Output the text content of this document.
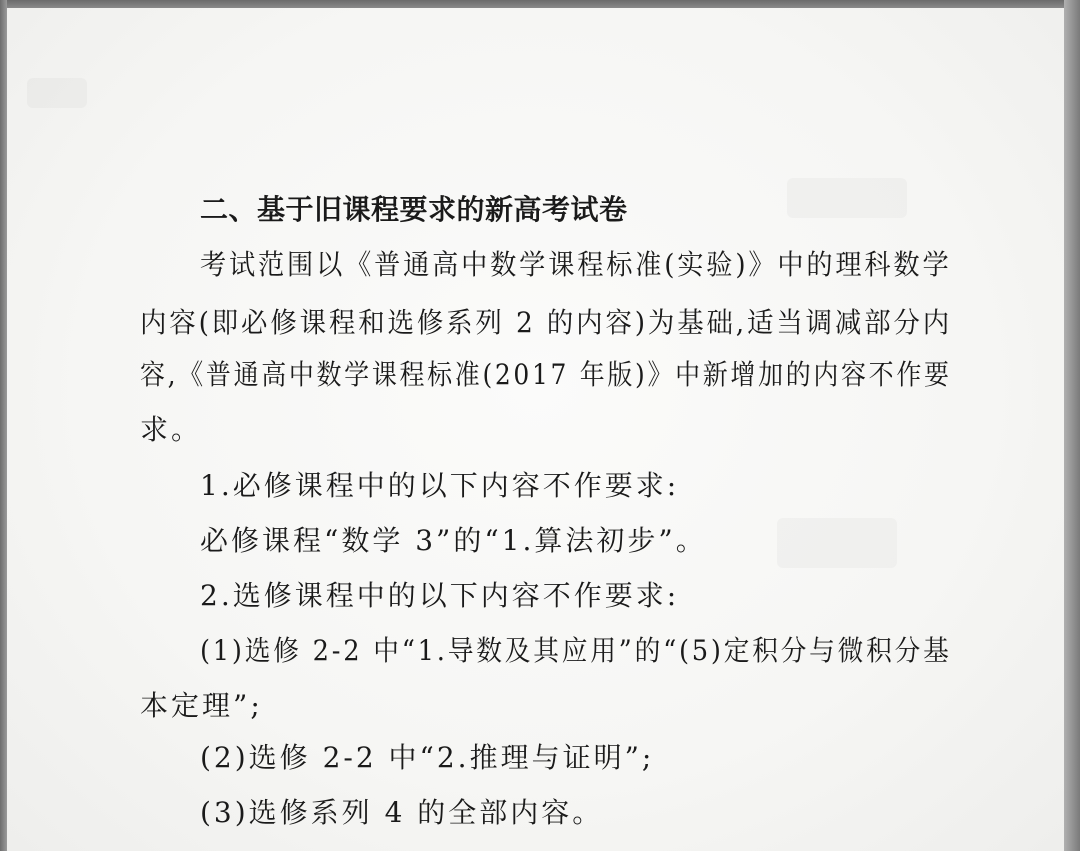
二、基于旧课程要求的新高考试卷
考试范围以《普通高中数学课程标准(实验)》中的理科数学
内容(即必修课程和选修系列 2 的内容)为基础,适当调减部分内
容,《普通高中数学课程标准(2017 年版)》中新增加的内容不作要
求。
1.必修课程中的以下内容不作要求:
必修课程“数学 3”的“1.算法初步”。
2.选修课程中的以下内容不作要求:
(1)选修 2-2 中“1.导数及其应用”的“(5)定积分与微积分基
本定理”;
(2)选修 2-2 中“2.推理与证明”;
(3)选修系列 4 的全部内容。
